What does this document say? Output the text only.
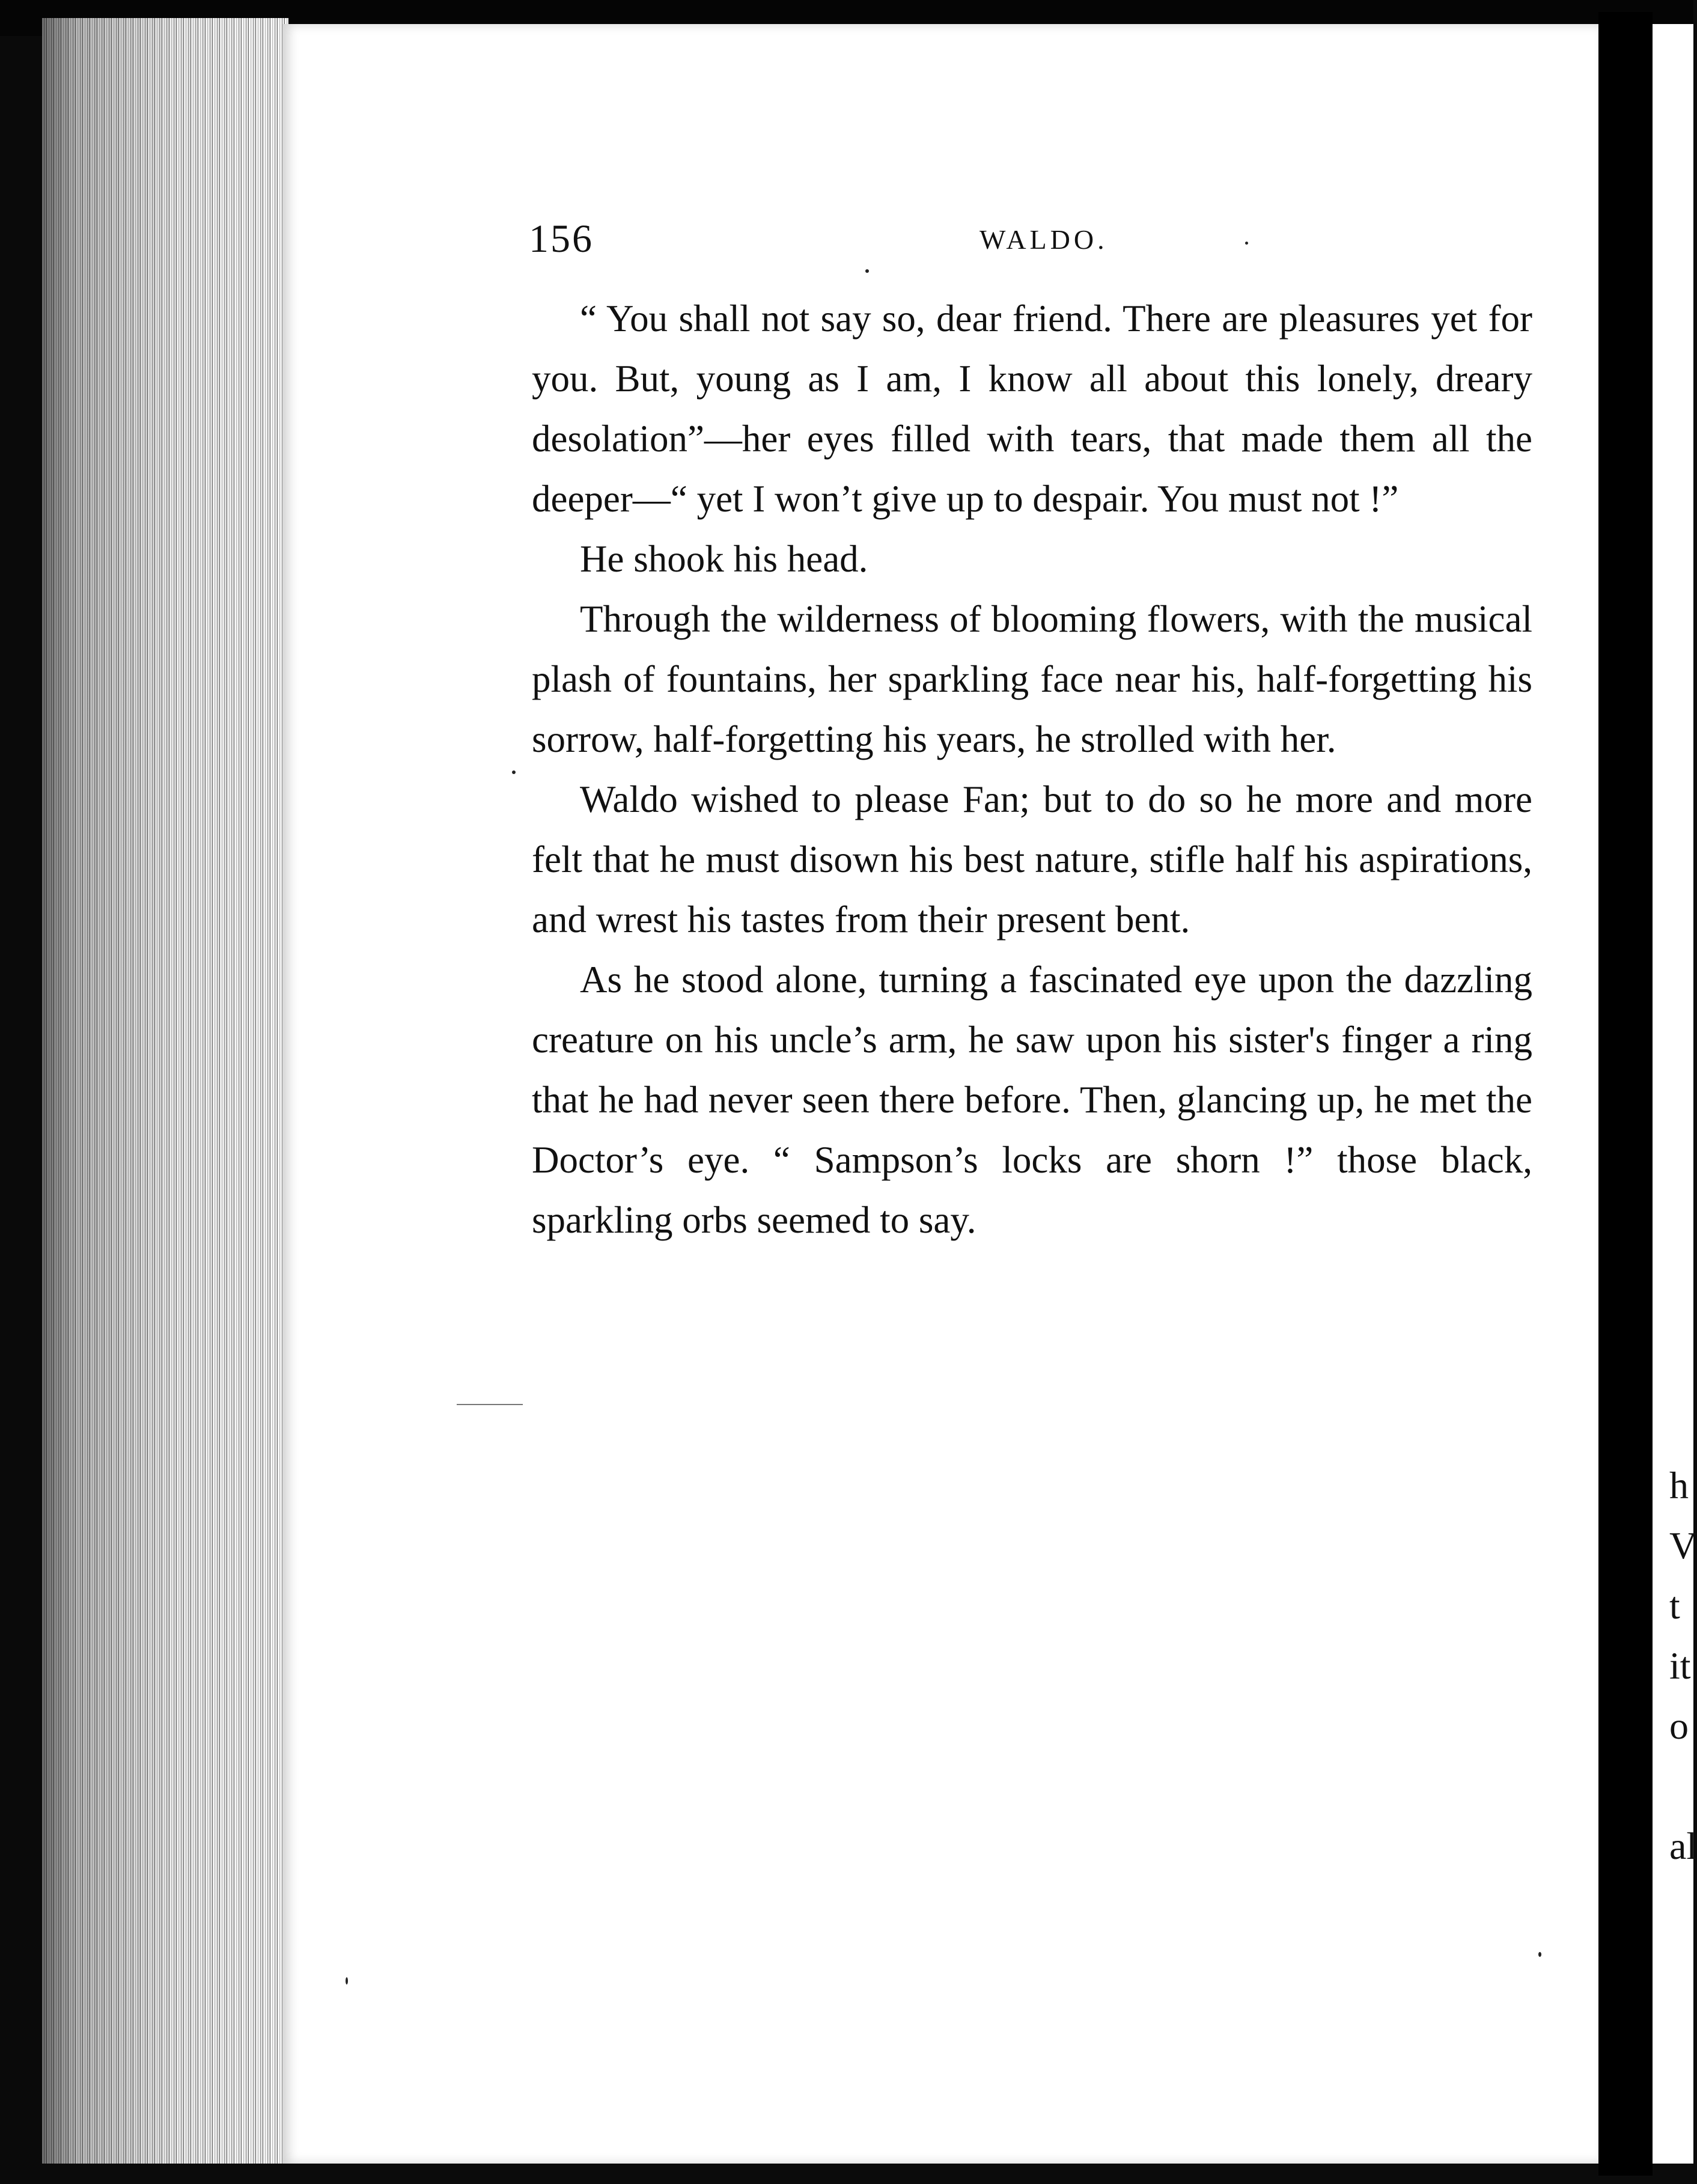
156	WALDO.

“ You shall not say so, dear friend. There are pleasures yet for you. But, young as I am, I know all about this lonely, dreary desolation”—her eyes filled with tears, that made them all the deeper—“ yet I won’t give up to despair. You must not !”

He shook his head.

Through the wilderness of blooming flowers, with the musical plash of fountains, her sparkling face near his, half-forgetting his sorrow, half-forgetting his years, he strolled with her.

Waldo wished to please Fan; but to do so he more and more felt that he must disown his best nature, stifle half his aspirations, and wrest his tastes from their present bent.

As he stood alone, turning a fascinated eye upon the dazzling creature on his uncle’s arm, he saw upon his sister's finger a ring that he had never seen there before. Then, glancing up, he met the Doctor’s eye. “ Sampson’s locks are shorn !” those black, sparkling orbs seemed to say.

h
V
t
it
o
al
